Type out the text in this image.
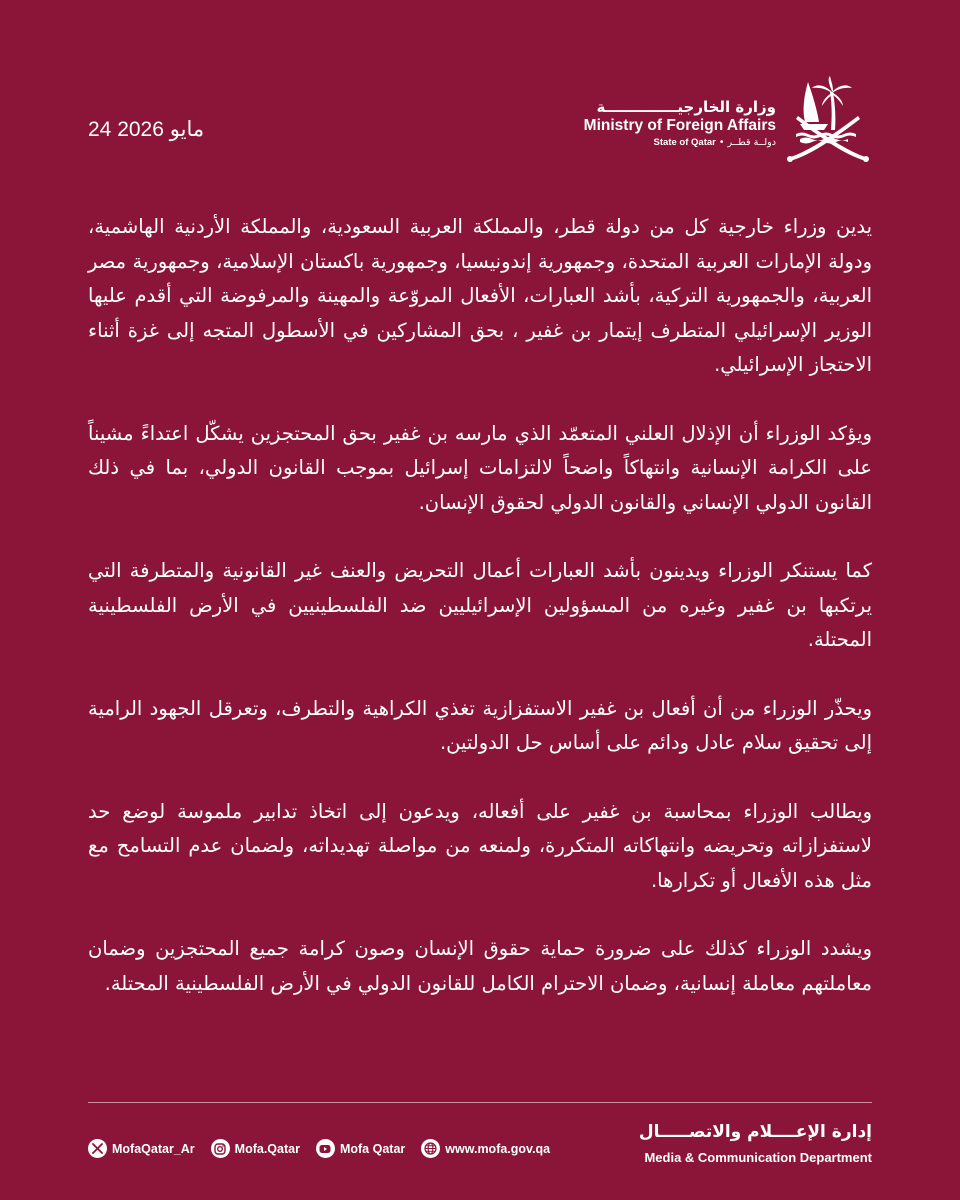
24 مايو 2026
وزارة الخارجيــــــــــــــة
Ministry of Foreign Affairs
State of Qatar • دولــة قطــر

يدين وزراء خارجية كل من دولة قطر، والمملكة العربية السعودية، والمملكة الأردنية الهاشمية، ودولة الإمارات العربية المتحدة، وجمهورية إندونيسيا، وجمهورية باكستان الإسلامية، وجمهورية مصر العربية، والجمهورية التركية، بأشد العبارات، الأفعال المروّعة والمهينة والمرفوضة التي أقدم عليها الوزير الإسرائيلي المتطرف إيتمار بن غفير ، بحق المشاركين في الأسطول المتجه إلى غزة أثناء الاحتجاز الإسرائيلي.

ويؤكد الوزراء أن الإذلال العلني المتعمّد الذي مارسه بن غفير بحق المحتجزين يشكّل اعتداءً مشيناً على الكرامة الإنسانية وانتهاكاً واضحاً لالتزامات إسرائيل بموجب القانون الدولي، بما في ذلك القانون الدولي الإنساني والقانون الدولي لحقوق الإنسان.

كما يستنكر الوزراء ويدينون بأشد العبارات أعمال التحريض والعنف غير القانونية والمتطرفة التي يرتكبها بن غفير وغيره من المسؤولين الإسرائيليين ضد الفلسطينيين في الأرض الفلسطينية المحتلة.

ويحذّر الوزراء من أن أفعال بن غفير الاستفزازية تغذي الكراهية والتطرف، وتعرقل الجهود الرامية إلى تحقيق سلام عادل ودائم على أساس حل الدولتين.

ويطالب الوزراء بمحاسبة بن غفير على أفعاله، ويدعون إلى اتخاذ تدابير ملموسة لوضع حد لاستفزازاته وتحريضه وانتهاكاته المتكررة، ولمنعه من مواصلة تهديداته، ولضمان عدم التسامح مع مثل هذه الأفعال أو تكرارها.

ويشدد الوزراء كذلك على ضرورة حماية حقوق الإنسان وصون كرامة جميع المحتجزين وضمان معاملتهم معاملة إنسانية، وضمان الاحترام الكامل للقانون الدولي في الأرض الفلسطينية المحتلة.

إدارة الإعــــلام والاتصـــــال
Media & Communication Department
MofaQatar_Ar	Mofa.Qatar	Mofa Qatar	www.mofa.gov.qa
